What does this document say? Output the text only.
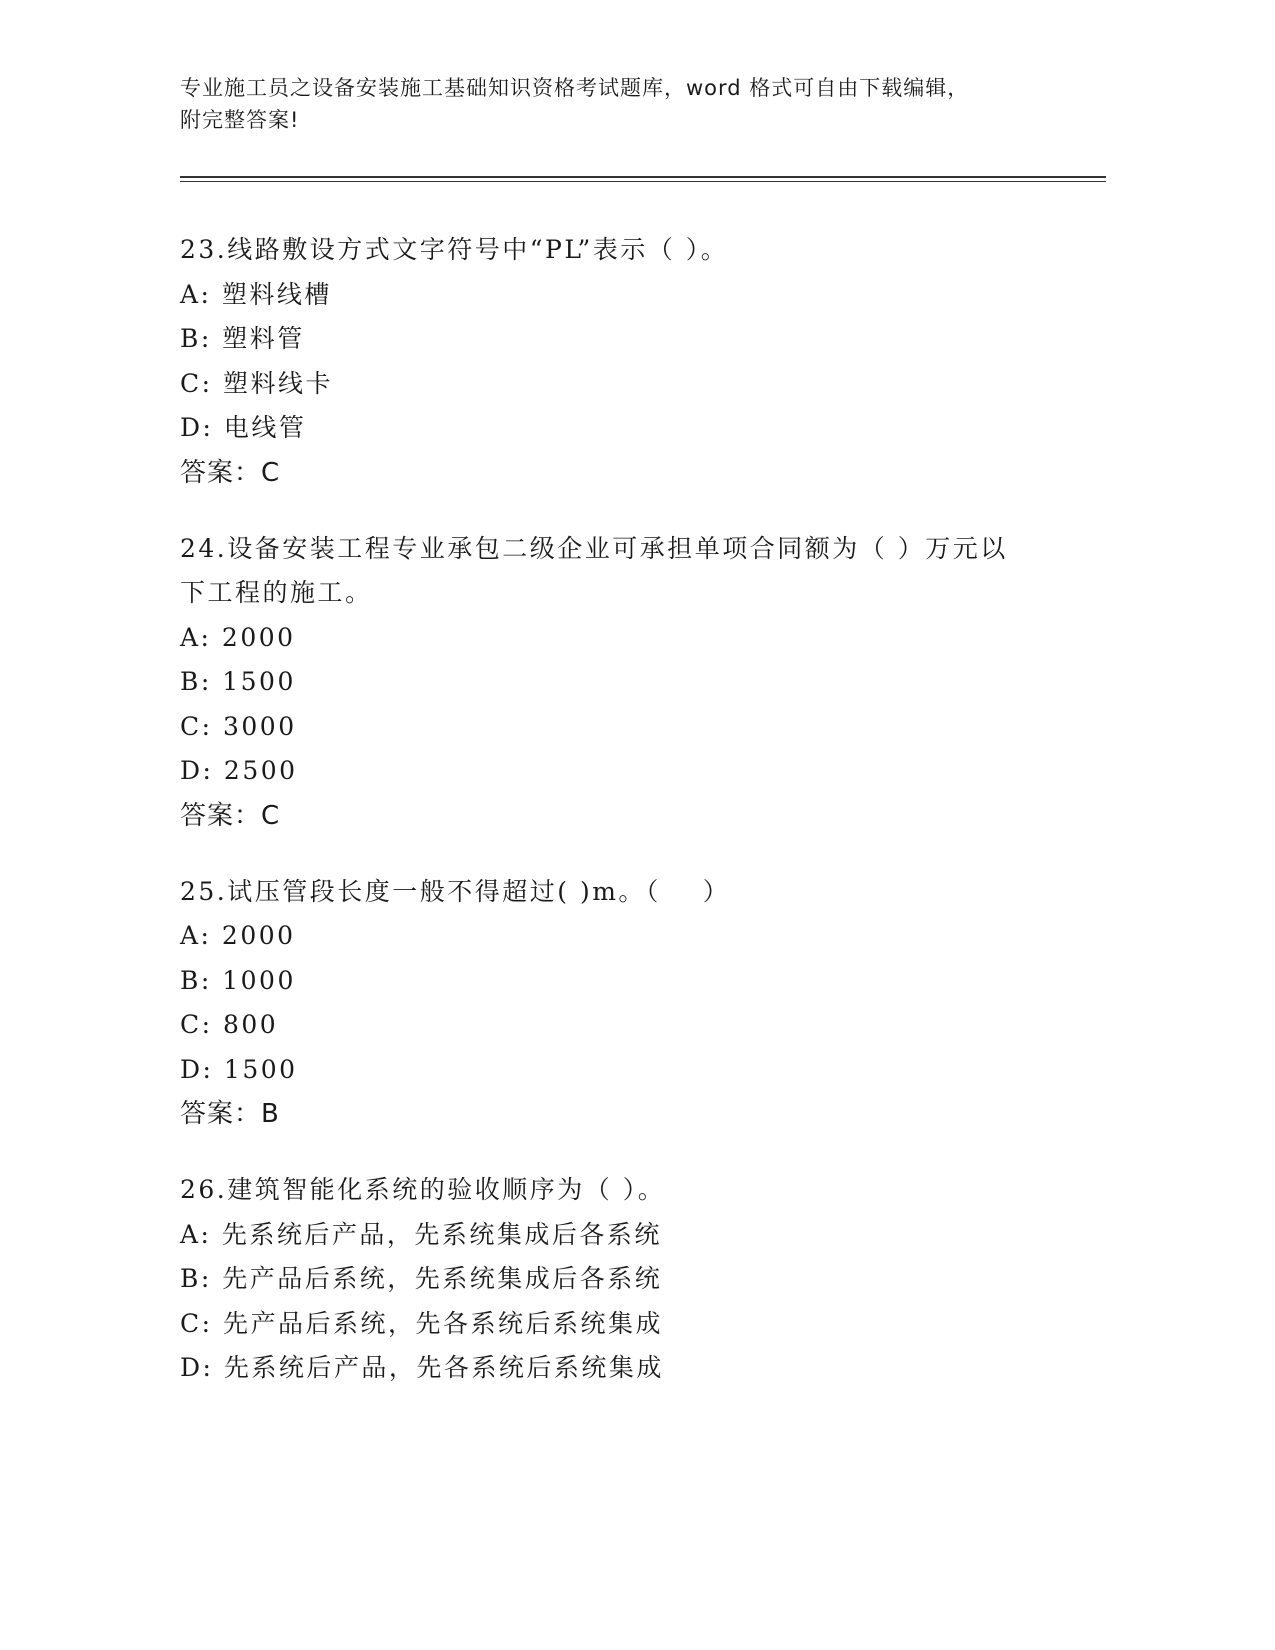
专业施工员之设备安装施工基础知识资格考试题库，word 格式可自由下载编辑，
附完整答案!
23.线路敷设方式文字符号中“PL”表示（ ）。
A: 塑料线槽
B: 塑料管
C: 塑料线卡
D: 电线管
答案：C
24.设备安装工程专业承包二级企业可承担单项合同额为（ ）万元以
下工程的施工。
A: 2000
B: 1500
C: 3000
D: 2500
答案：C
25.试压管段长度一般不得超过( )m。（    ）
A: 2000
B: 1000
C: 800
D: 1500
答案：B
26.建筑智能化系统的验收顺序为（ ）。
A: 先系统后产品，先系统集成后各系统
B: 先产品后系统，先系统集成后各系统
C: 先产品后系统，先各系统后系统集成
D: 先系统后产品，先各系统后系统集成
